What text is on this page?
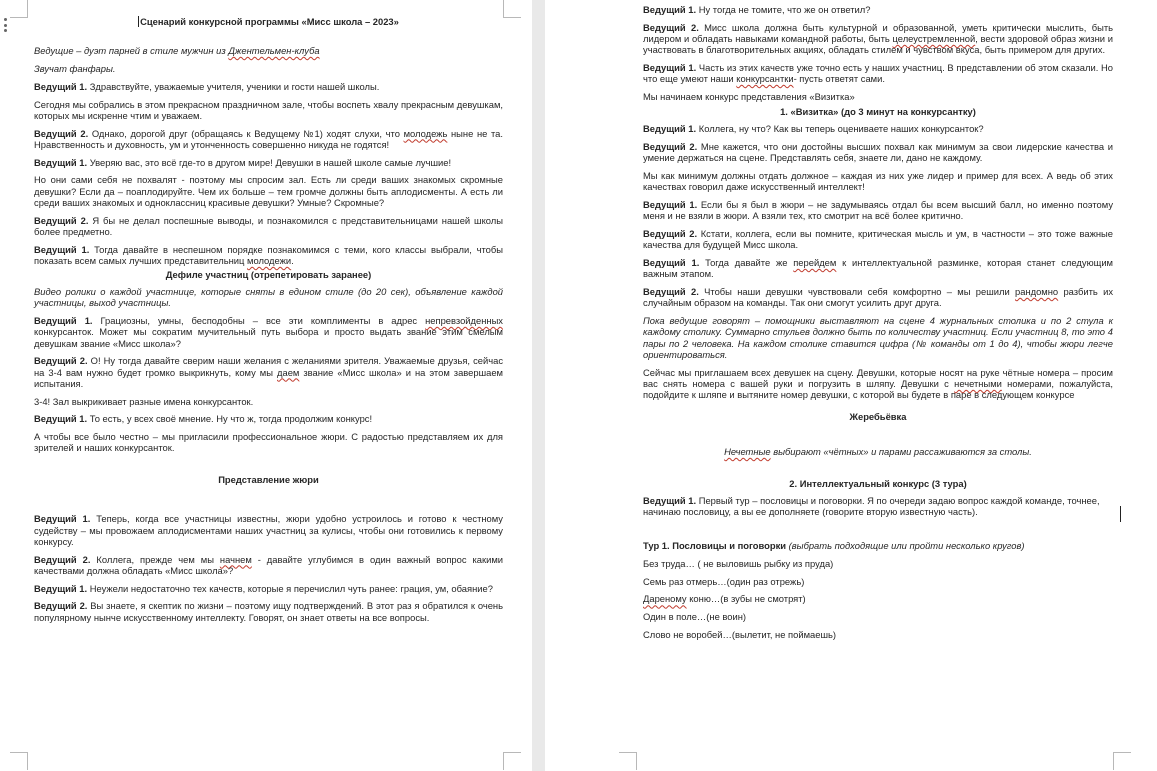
Сценарий конкурсной программы «Мисс школа – 2023»
Ведущие – дуэт парней в стиле мужчин из Джентельмен-клуба
Звучат фанфары.
Ведущий 1. Здравствуйте, уважаемые учителя, ученики и гости нашей школы.
Сегодня мы собрались в этом прекрасном праздничном зале, чтобы воспеть хвалу прекрасным девушкам, которых мы искренне чтим и уважаем.
Ведущий 2. Однако, дорогой друг (обращаясь к Ведущему №1) ходят слухи, что молодежь ныне не та. Нравственность и духовность, ум и утонченность совершенно никуда не годятся!
Ведущий 1. Уверяю вас, это всё где-то в другом мире! Девушки в нашей школе самые лучшие!
Но они сами себя не похвалят - поэтому мы спросим зал. Есть ли среди ваших знакомых скромные девушки? Если да – поаплодируйте. Чем их больше – тем громче должны быть аплодисменты. А есть ли среди ваших знакомых и одноклассниц красивые девушки? Умные? Скромные?
Ведущий 2. Я бы не делал поспешные выводы, и познакомился с представительницами нашей школы более предметно.
Ведущий 1. Тогда давайте в неспешном порядке познакомимся с теми, кого классы выбрали, чтобы показать всем самых лучших представительниц молодежи.
Дефиле участниц (отрепетировать заранее)
Видео ролики о каждой участнице, которые сняты в едином стиле (до 20 сек), объявление каждой участницы, выход участницы.
Ведущий 1. Грациозны, умны, бесподобны – все эти комплименты в адрес непревзойденных конкурсанток. Может мы сократим мучительный путь выбора и просто выдать звание этим смелым девушкам звание «Мисс школа»?
Ведущий 2. О! Ну тогда давайте сверим наши желания с желаниями зрителя. Уважаемые друзья, сейчас на 3-4 вам нужно будет громко выкрикнуть, кому мы даем звание «Мисс школа» и на этом завершаем испытания.
3-4! Зал выкрикивает разные имена конкурсанток.
Ведущий 1. То есть, у всех своё мнение. Ну что ж, тогда продолжим конкурс!
А чтобы все было честно – мы пригласили профессиональное жюри. С радостью представляем их для зрителей и наших конкурсанток.
Представление жюри
Ведущий 1. Теперь, когда все участницы известны, жюри удобно устроилось и готово к честному судейству – мы провожаем аплодисментами наших участниц за кулисы, чтобы они готовились к первому конкурсу.
Ведущий 2. Коллега, прежде чем мы начнем - давайте углубимся в один важный вопрос какими качествами должна обладать «Мисс школа»?
Ведущий 1. Неужели недостаточно тех качеств, которые я перечислил чуть ранее: грация, ум, обаяние?
Ведущий 2. Вы знаете, я скептик по жизни – поэтому ищу подтверждений. В этот раз я обратился к очень популярному нынче искусственному интеллекту. Говорят, он знает ответы на все вопросы.
Ведущий 1. Ну тогда не томите, что же он ответил?
Ведущий 2. Мисс школа должна быть культурной и образованной, уметь критически мыслить, быть лидером и обладать навыками командной работы, быть целеустремленной, вести здоровой образ жизни и участвовать в благотворительных акциях, обладать стилем и чувством вкуса, быть примером для других.
Ведущий 1. Часть из этих качеств уже точно есть у наших участниц. В представлении об этом сказали. Но что еще умеют наши конкурсантки- пусть ответят сами.
Мы начинаем конкурс представления «Визитка»
1. «Визитка» (до 3 минут на конкурсантку)
Ведущий 1. Коллега, ну что? Как вы теперь оцениваете наших конкурсанток?
Ведущий 2. Мне кажется, что они достойны высших похвал как минимум за свои лидерские качества и умение держаться на сцене. Представлять себя, знаете ли, дано не каждому.
Мы как минимум должны отдать должное – каждая из них уже лидер и пример для всех. А ведь об этих качествах говорил даже искусственный интеллект!
Ведущий 1. Если бы я был в жюри – не задумываясь отдал бы всем высший балл, но именно поэтому меня и не взяли в жюри. А взяли тех, кто смотрит на всё более критично.
Ведущий 2. Кстати, коллега, если вы помните, критическая мысль и ум, в частности – это тоже важные качества для будущей Мисс школа.
Ведущий 1. Тогда давайте же перейдем к интеллектуальной разминке, которая станет следующим важным этапом.
Ведущий 2. Чтобы наши девушки чувствовали себя комфортно – мы решили рандомно разбить их случайным образом на команды. Так они смогут усилить друг друга.
Пока ведущие говорят – помощники выставляют на сцене 4 журнальных столика и по 2 стула к каждому столику. Суммарно стульев должно быть по количеству участниц. Если участниц 8, то это 4 пары по 2 человека. На каждом столике ставится цифра (№ команды от 1 до 4), чтобы жюри легче ориентироваться.
Сейчас мы приглашаем всех девушек на сцену. Девушки, которые носят на руке чётные номера – просим вас снять номера с вашей руки и погрузить в шляпу. Девушки с нечетными номерами, пожалуйста, подойдите к шляпе и вытяните номер девушки, с которой вы будете в паре в следующем конкурсе
Жеребьёвка
Нечетные выбирают «чётных» и парами рассаживаются за столы.
2. Интеллектуальный конкурс (3 тура)
Ведущий 1. Первый тур – пословицы и поговорки. Я по очереди задаю вопрос каждой команде, точнее, начинаю пословицу, а вы ее дополняете (говорите вторую известную часть).
Тур 1. Пословицы и поговорки (выбрать подходящие или пройти несколько кругов)
Без труда… ( не выловишь рыбку из пруда)
Семь раз отмерь…(один раз отрежь)
Дареному коню…(в зубы не смотрят)
Один в поле…(не воин)
Слово не воробей…(вылетит, не поймаешь)
